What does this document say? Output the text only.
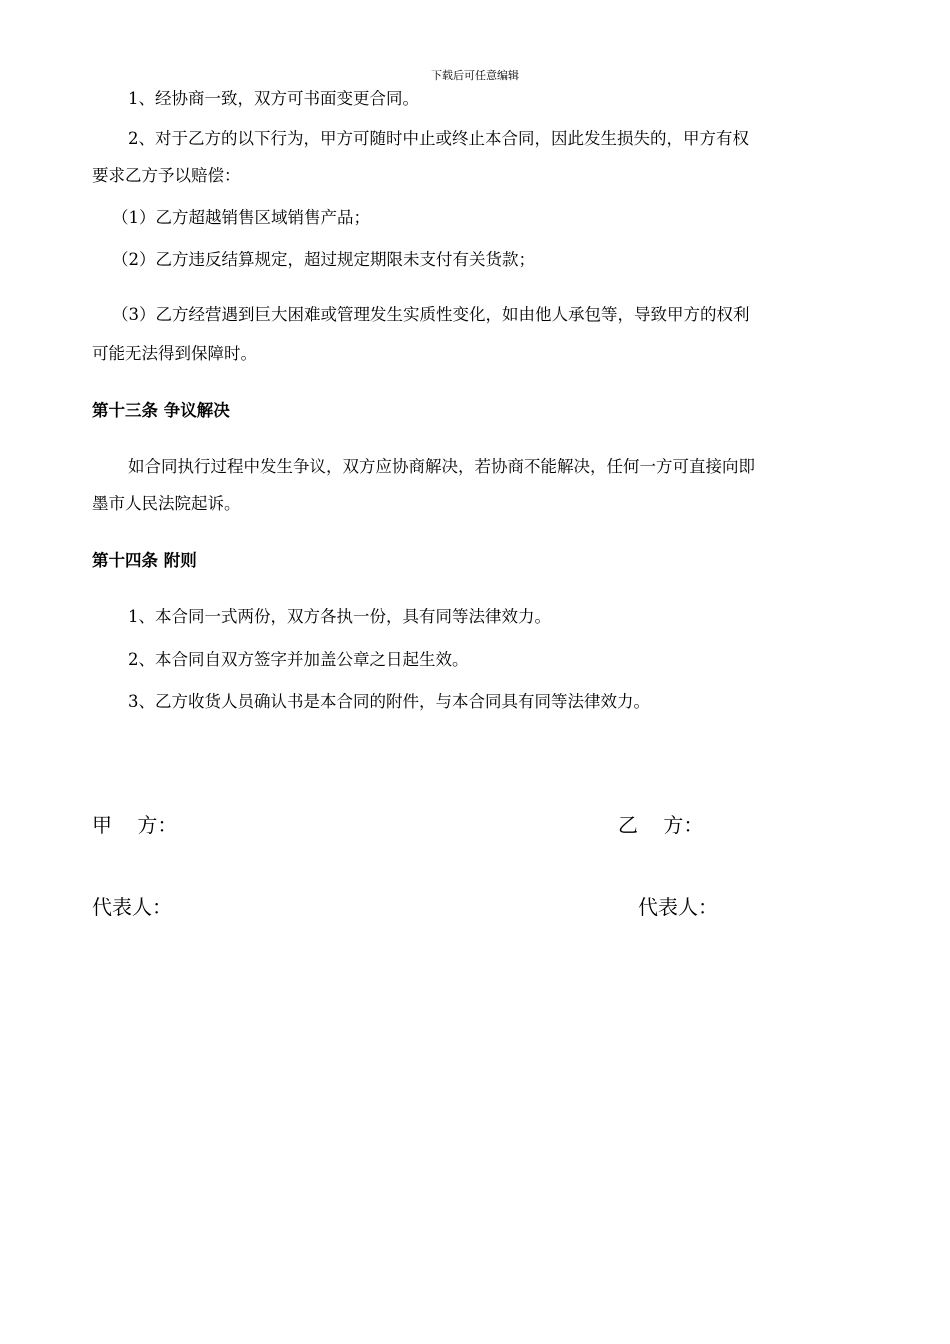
下载后可任意编辑
1、经协商一致，双方可书面变更合同。
2、对于乙方的以下行为，甲方可随时中止或终止本合同，因此发生损失的，甲方有权
要求乙方予以赔偿：
（1）乙方超越销售区域销售产品；
（2）乙方违反结算规定，超过规定期限未支付有关货款；
（3）乙方经营遇到巨大困难或管理发生实质性变化，如由他人承包等，导致甲方的权利
可能无法得到保障时。
第十三条 争议解决
如合同执行过程中发生争议，双方应协商解决，若协商不能解决，任何一方可直接向即
墨市人民法院起诉。
第十四条 附则
1、本合同一式两份，双方各执一份，具有同等法律效力。
2、本合同自双方签字并加盖公章之日起生效。
3、乙方收货人员确认书是本合同的附件，与本合同具有同等法律效力。
甲    方：	乙    方：
代表人：	代表人：
